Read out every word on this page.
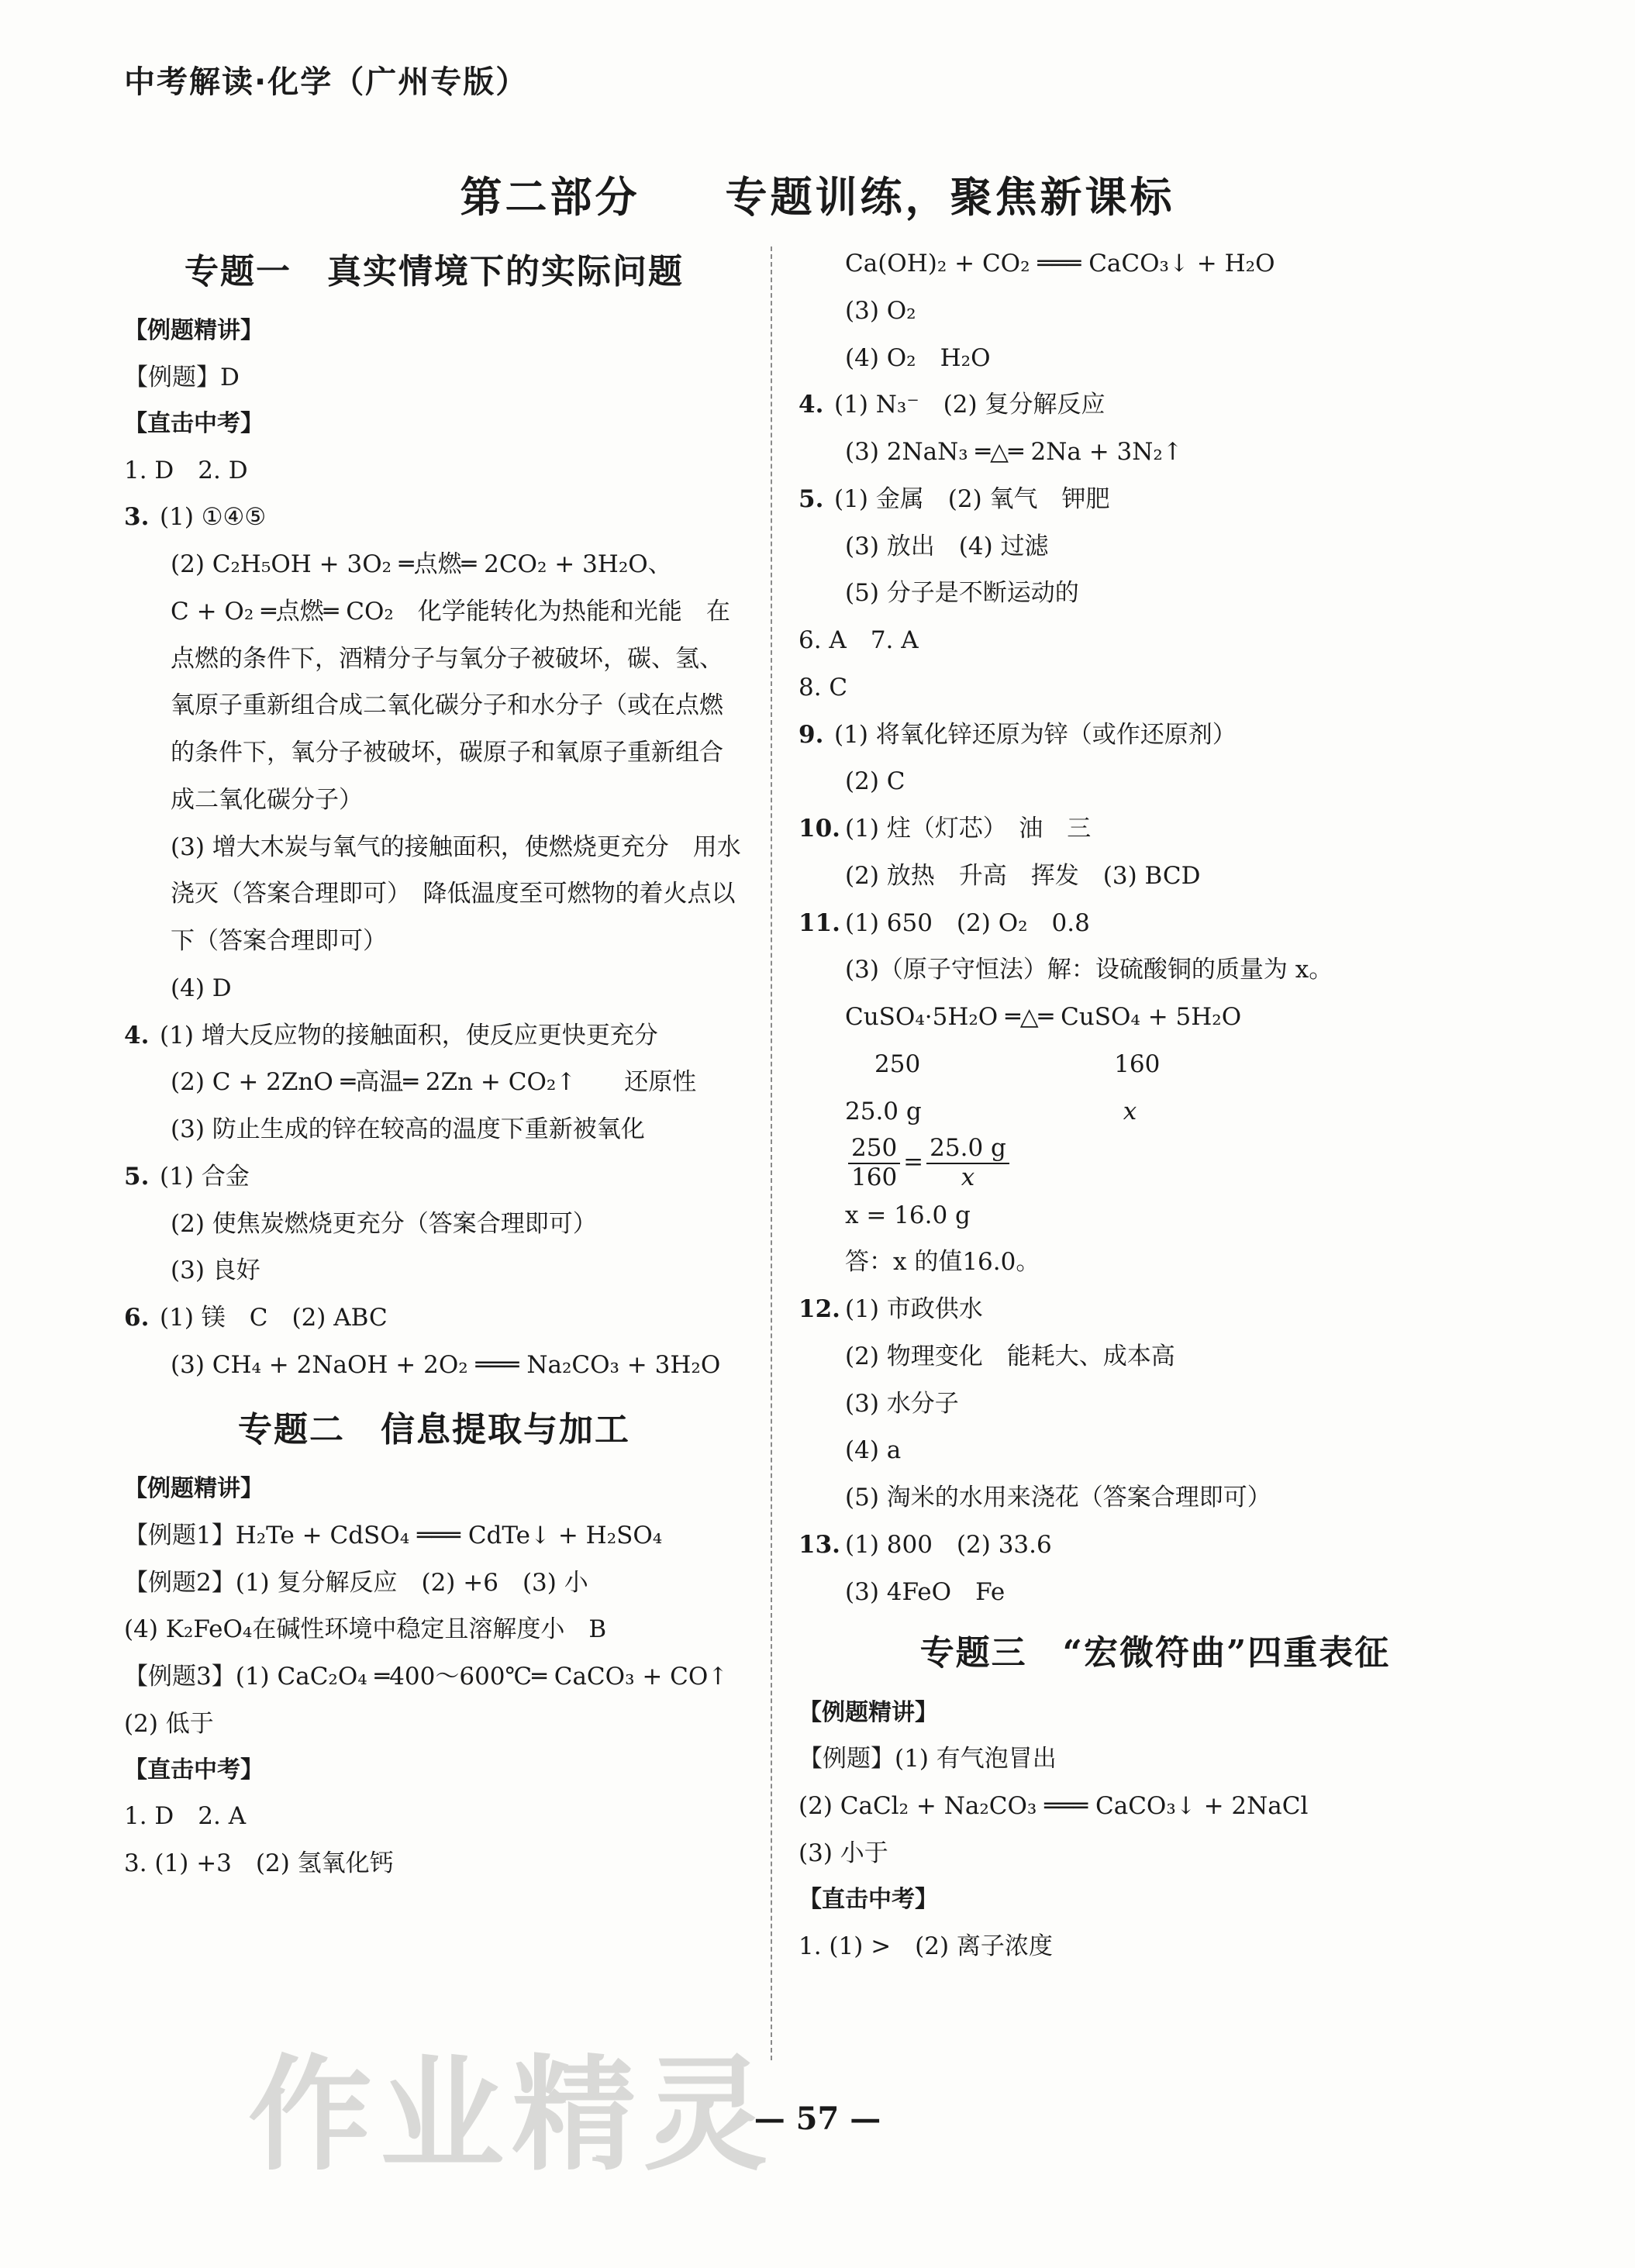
中考解读·化学（广州专版）
第二部分 专题训练，聚焦新课标
专题一　真实情境下的实际问题
【例题精讲】
【例题】D
【直击中考】
1. D　2. D
3. (1) ①④⑤
(2) C₂H₅OH + 3O₂ ═点燃═ 2CO₂ + 3H₂O、
C + O₂ ═点燃═ CO₂　化学能转化为热能和光能　在点燃的条件下，酒精分子与氧分子被破坏，碳、氢、氧原子重新组合成二氧化碳分子和水分子（或在点燃的条件下，氧分子被破坏，碳原子和氧原子重新组合成二氧化碳分子）
(3) 增大木炭与氧气的接触面积，使燃烧更充分　用水浇灭（答案合理即可）　降低温度至可燃物的着火点以下（答案合理即可）
(4) D
4. (1) 增大反应物的接触面积，使反应更快更充分
(2) C + 2ZnO ═高温═ 2Zn + CO₂↑　　还原性
(3) 防止生成的锌在较高的温度下重新被氧化
5. (1) 合金
(2) 使焦炭燃烧更充分（答案合理即可）
(3) 良好
6. (1) 镁　C　(2) ABC
(3) CH₄ + 2NaOH + 2O₂ ═══ Na₂CO₃ + 3H₂O
专题二　信息提取与加工
【例题精讲】
【例题1】H₂Te + CdSO₄ ═══ CdTe↓ + H₂SO₄
【例题2】(1) 复分解反应　(2) +6　(3) 小
(4) K₂FeO₄在碱性环境中稳定且溶解度小　B
【例题3】(1) CaC₂O₄ ═400～600℃═ CaCO₃ + CO↑
(2) 低于
【直击中考】
1. D　2. A
3. (1) +3　(2) 氢氧化钙
Ca(OH)₂ + CO₂ ═══ CaCO₃↓ + H₂O
(3) O₂
(4) O₂　H₂O
4. (1) N₃⁻　(2) 复分解反应
(3) 2NaN₃ ═△═ 2Na + 3N₂↑
5. (1) 金属　(2) 氧气　钾肥
(3) 放出　(4) 过滤
(5) 分子是不断运动的
6. A　7. A
8. C
9. (1) 将氧化锌还原为锌（或作还原剂）
(2) C
10. (1) 炷（灯芯）　油　三
(2) 放热　升高　挥发　(3) BCD
11. (1) 650　(2) O₂　0.8
(3)（原子守恒法）解：设硫酸铜的质量为 x。
CuSO₄·5H₂O ═△═ CuSO₄ + 5H₂O
250	160
25.0 g	x
$\frac{250}{160} = \frac{25.0 g}{x}$
x = 16.0 g
答：x 的值16.0。
12. (1) 市政供水
(2) 物理变化　能耗大、成本高
(3) 水分子
(4) a
(5) 淘米的水用来浇花（答案合理即可）
13. (1) 800　(2) 33.6
(3) 4FeO　Fe
专题三　“宏微符曲”四重表征
【例题精讲】
【例题】(1) 有气泡冒出
(2) CaCl₂ + Na₂CO₃ ═══ CaCO₃↓ + 2NaCl
(3) 小于
【直击中考】
1. (1) >　(2) 离子浓度
作业精灵
— 57 —
